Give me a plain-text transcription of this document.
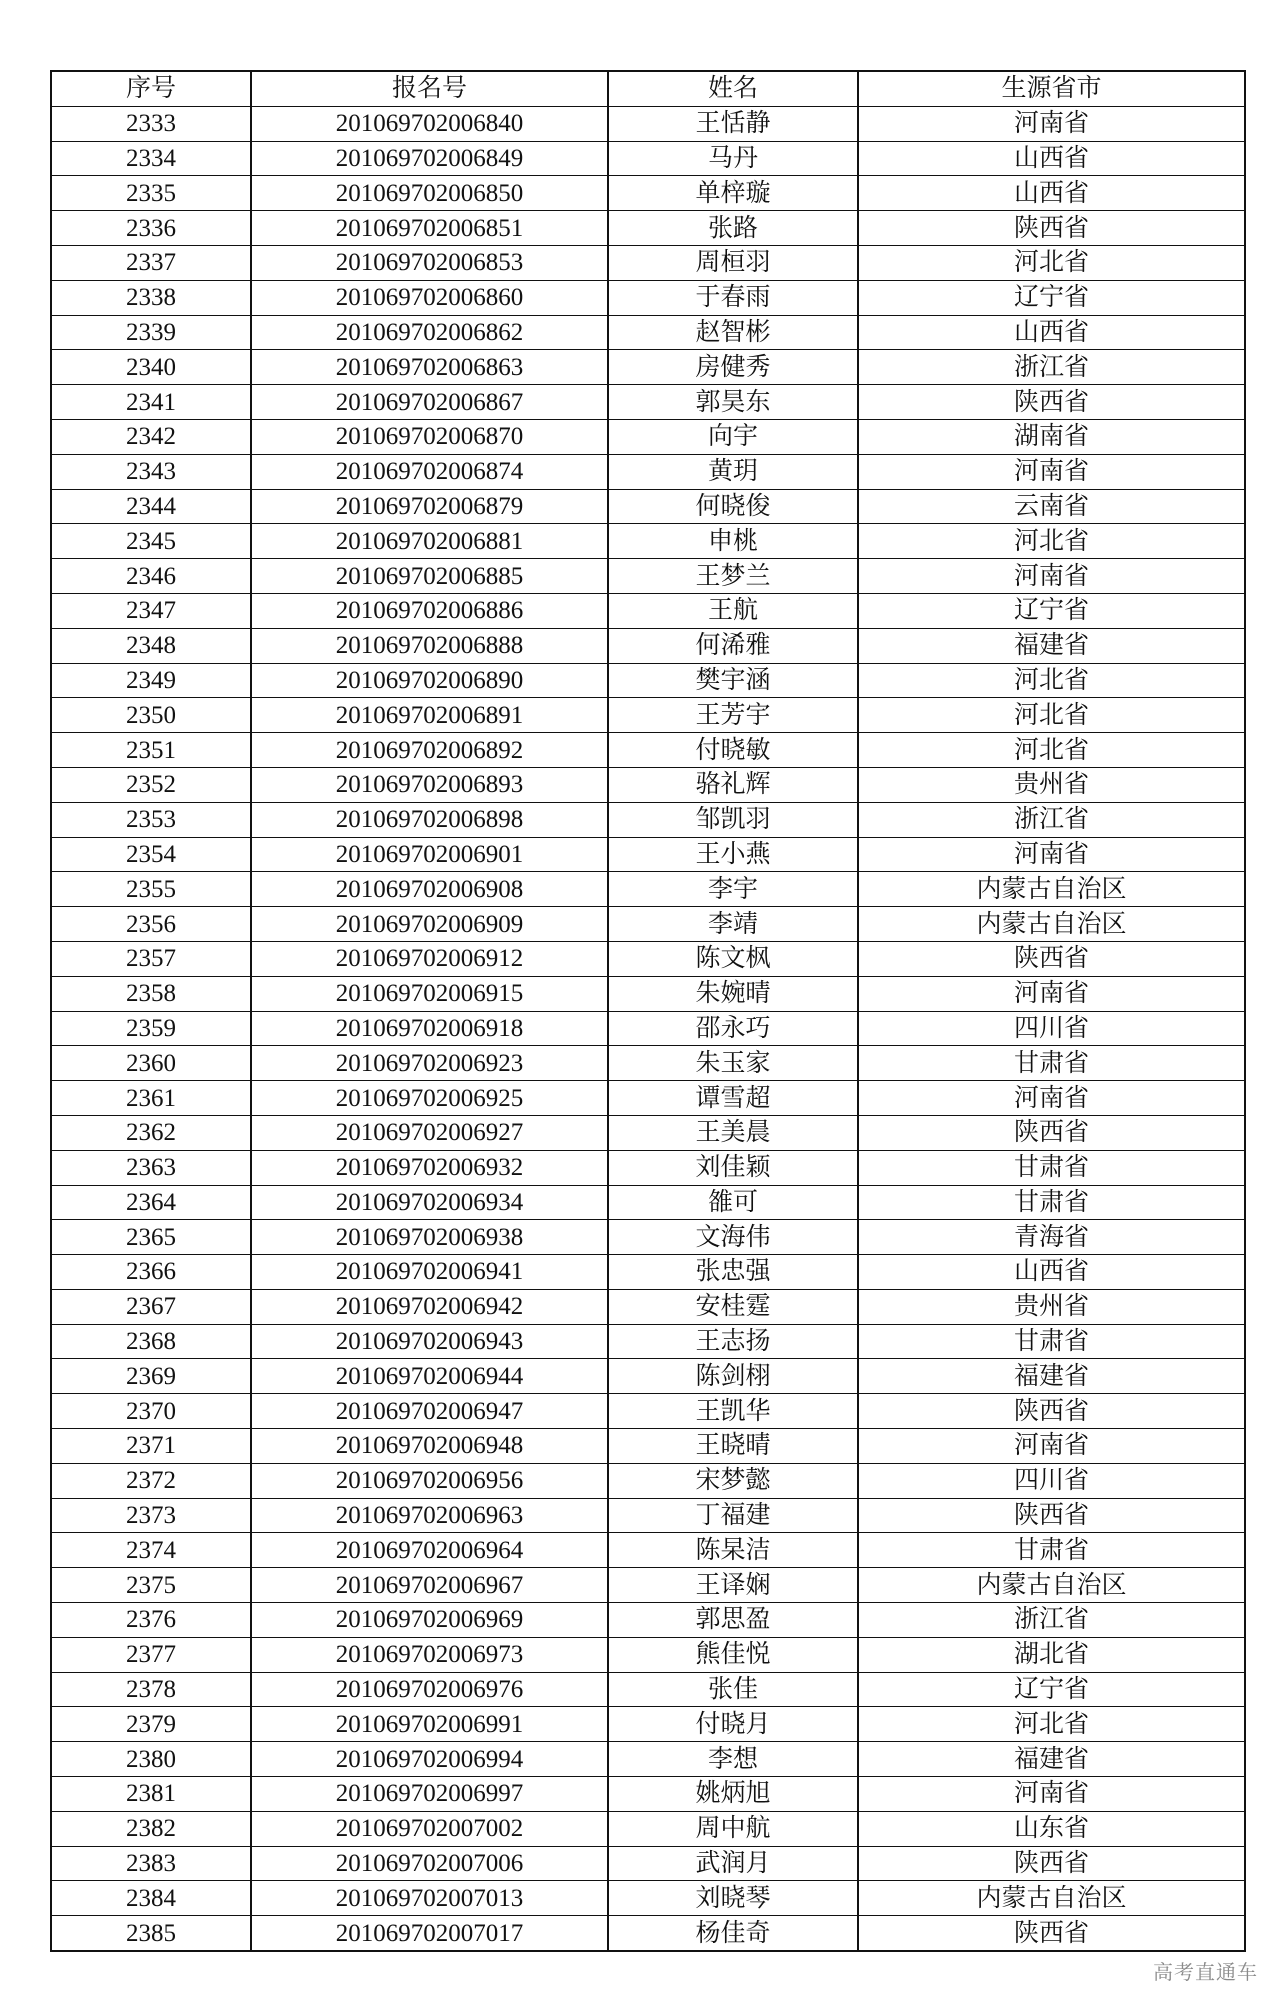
序号	报名号	姓名	生源省市
2333	201069702006840	王恬静	河南省
2334	201069702006849	马丹	山西省
2335	201069702006850	单梓璇	山西省
2336	201069702006851	张路	陕西省
2337	201069702006853	周桓羽	河北省
2338	201069702006860	于春雨	辽宁省
2339	201069702006862	赵智彬	山西省
2340	201069702006863	房健秀	浙江省
2341	201069702006867	郭昊东	陕西省
2342	201069702006870	向宇	湖南省
2343	201069702006874	黄玥	河南省
2344	201069702006879	何晓俊	云南省
2345	201069702006881	申桃	河北省
2346	201069702006885	王梦兰	河南省
2347	201069702006886	王航	辽宁省
2348	201069702006888	何浠雅	福建省
2349	201069702006890	樊宇涵	河北省
2350	201069702006891	王芳宇	河北省
2351	201069702006892	付晓敏	河北省
2352	201069702006893	骆礼辉	贵州省
2353	201069702006898	邹凯羽	浙江省
2354	201069702006901	王小燕	河南省
2355	201069702006908	李宇	内蒙古自治区
2356	201069702006909	李靖	内蒙古自治区
2357	201069702006912	陈文枫	陕西省
2358	201069702006915	朱婉晴	河南省
2359	201069702006918	邵永巧	四川省
2360	201069702006923	朱玉家	甘肃省
2361	201069702006925	谭雪超	河南省
2362	201069702006927	王美晨	陕西省
2363	201069702006932	刘佳颖	甘肃省
2364	201069702006934	雒可	甘肃省
2365	201069702006938	文海伟	青海省
2366	201069702006941	张忠强	山西省
2367	201069702006942	安桂霆	贵州省
2368	201069702006943	王志扬	甘肃省
2369	201069702006944	陈剑栩	福建省
2370	201069702006947	王凯华	陕西省
2371	201069702006948	王晓晴	河南省
2372	201069702006956	宋梦懿	四川省
2373	201069702006963	丁福建	陕西省
2374	201069702006964	陈杲洁	甘肃省
2375	201069702006967	王译娴	内蒙古自治区
2376	201069702006969	郭思盈	浙江省
2377	201069702006973	熊佳悦	湖北省
2378	201069702006976	张佳	辽宁省
2379	201069702006991	付晓月	河北省
2380	201069702006994	李想	福建省
2381	201069702006997	姚炳旭	河南省
2382	201069702007002	周中航	山东省
2383	201069702007006	武润月	陕西省
2384	201069702007013	刘晓琴	内蒙古自治区
2385	201069702007017	杨佳奇	陕西省
高考直通车
